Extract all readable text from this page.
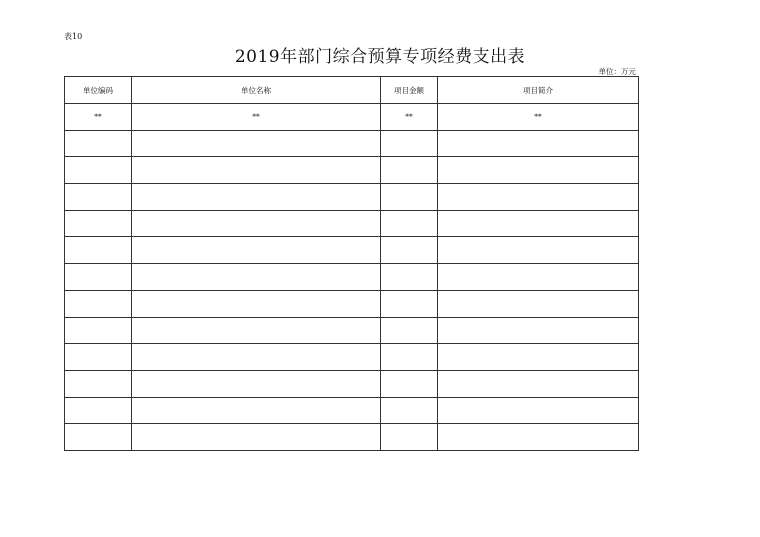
表10
2019年部门综合预算专项经费支出表
单位：万元
单位编码	单位名称	项目金额	项目简介
**	**	**	**
